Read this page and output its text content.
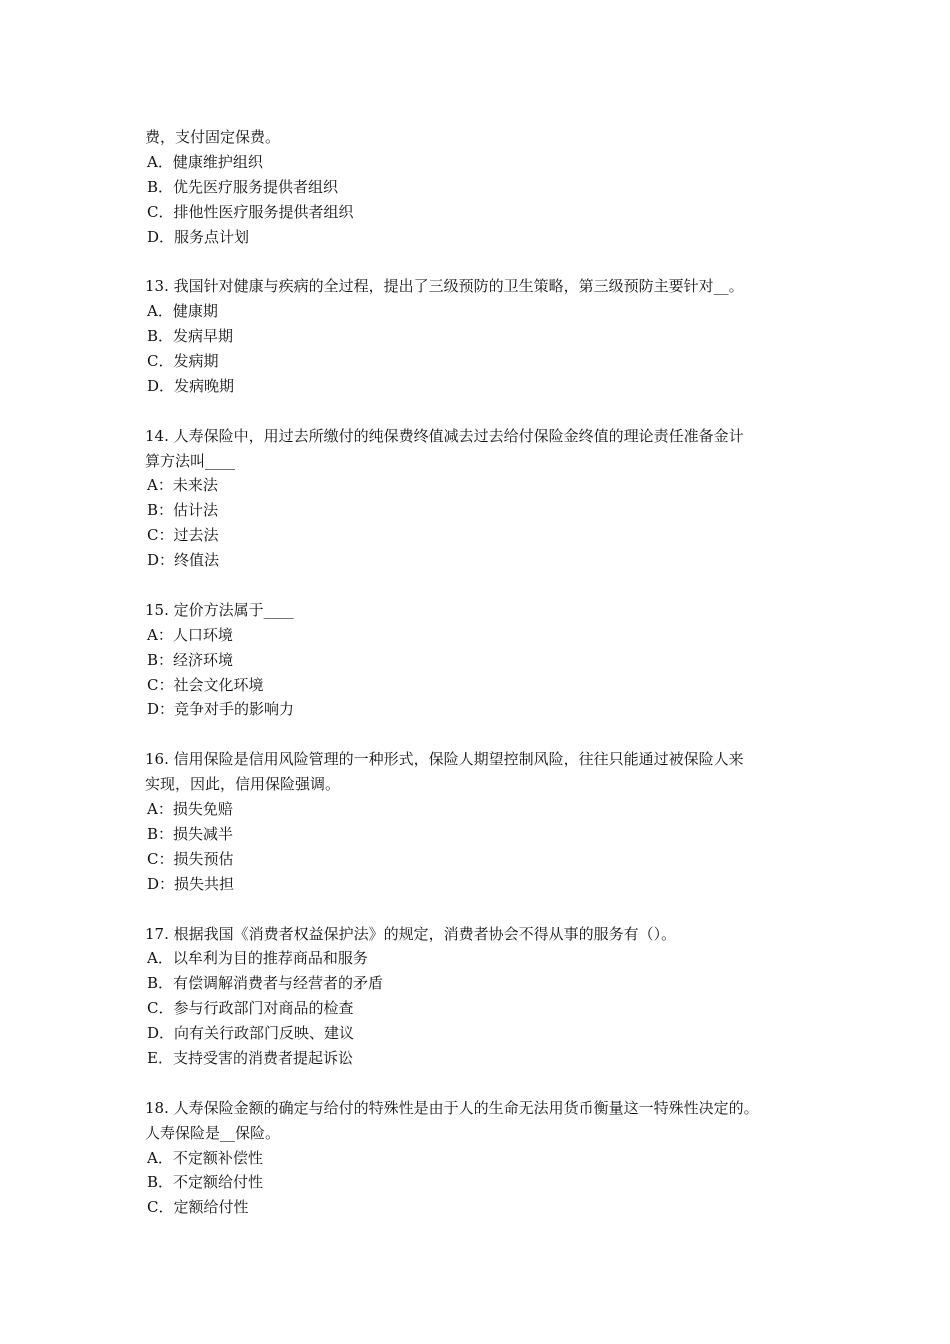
费，支付固定保费。
A．健康维护组织
B．优先医疗服务提供者组织
C．排他性医疗服务提供者组织
D．服务点计划
13. 我国针对健康与疾病的全过程，提出了三级预防的卫生策略，第三级预防主要针对__。
A．健康期
B．发病早期
C．发病期
D．发病晚期
14. 人寿保险中，用过去所缴付的纯保费终值减去过去给付保险金终值的理论责任准备金计
算方法叫____
A：未来法
B：估计法
C：过去法
D：终值法
15. 定价方法属于____
A：人口环境
B：经济环境
C：社会文化环境
D：竞争对手的影响力
16. 信用保险是信用风险管理的一种形式，保险人期望控制风险，往往只能通过被保险人来
实现，因此，信用保险强调。
A：损失免赔
B：损失减半
C：损失预估
D：损失共担
17. 根据我国《消费者权益保护法》的规定，消费者协会不得从事的服务有（）。
A．以牟利为目的推荐商品和服务
B．有偿调解消费者与经营者的矛盾
C．参与行政部门对商品的检查
D．向有关行政部门反映、建议
E．支持受害的消费者提起诉讼
18. 人寿保险金额的确定与给付的特殊性是由于人的生命无法用货币衡量这一特殊性决定的。
人寿保险是__保险。
A．不定额补偿性
B．不定额给付性
C．定额给付性
